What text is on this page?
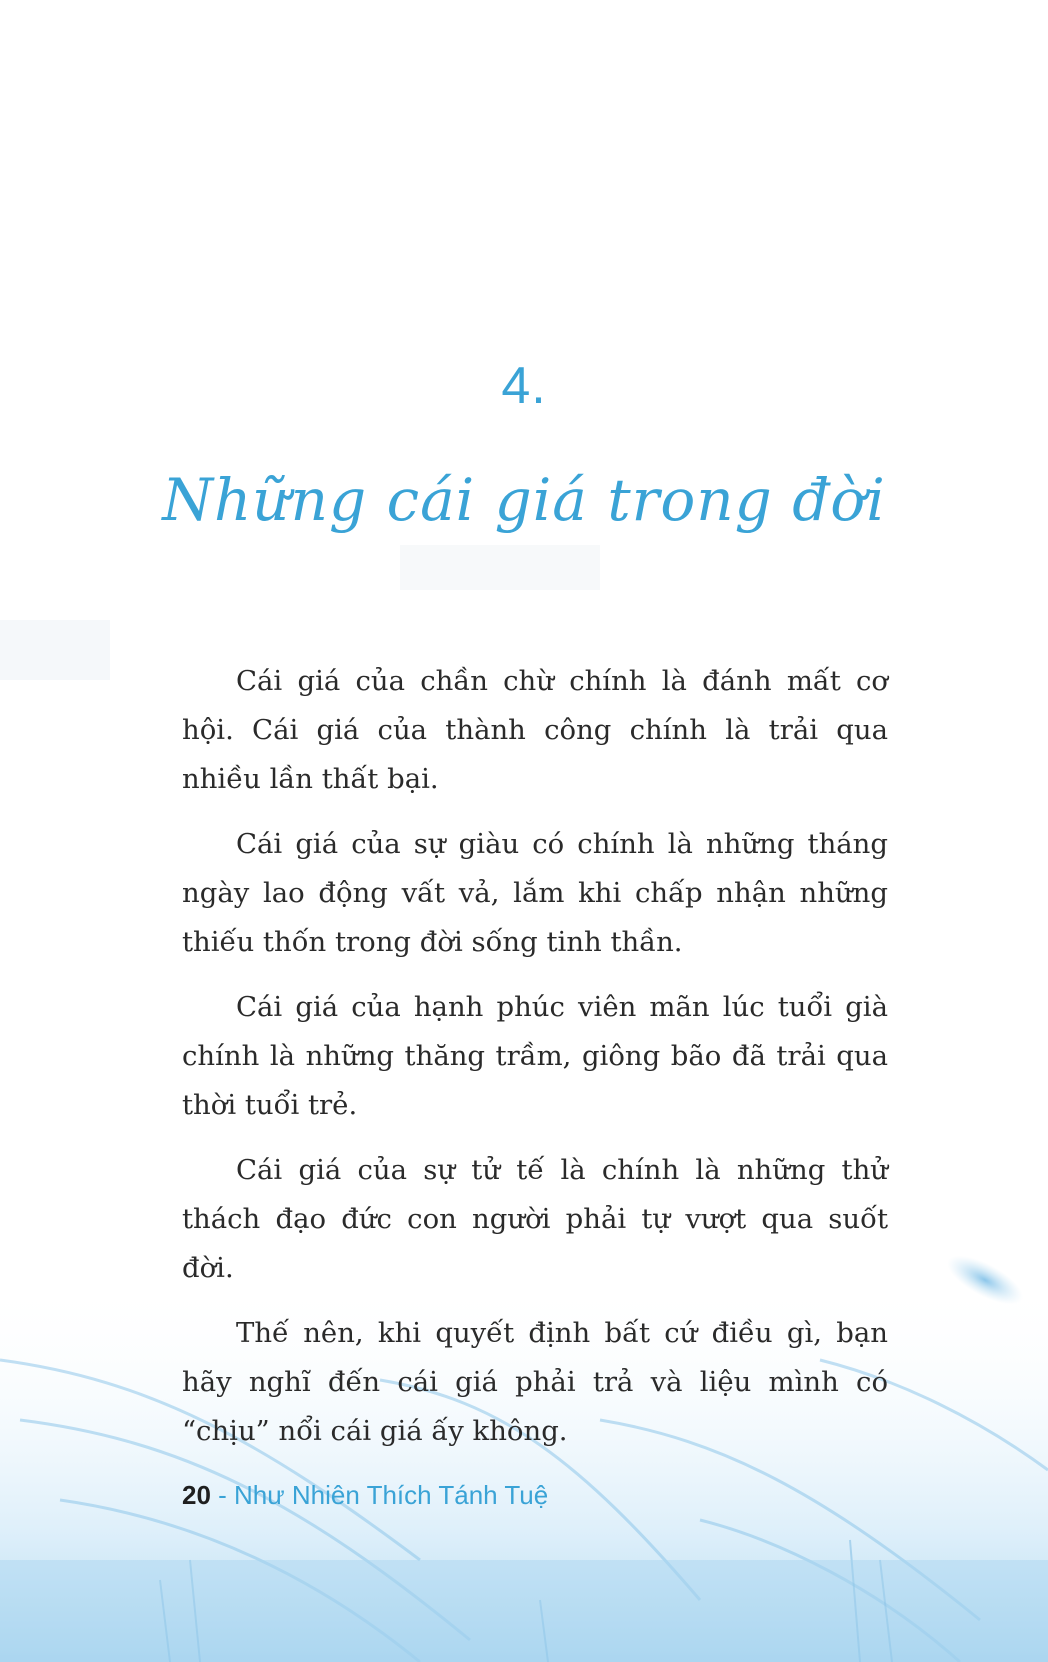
4.
Những cái giá trong đời

Cái giá của chần chừ chính là đánh mất cơ hội. Cái giá của thành công chính là trải qua nhiều lần thất bại.

Cái giá của sự giàu có chính là những tháng ngày lao động vất vả, lắm khi chấp nhận những thiếu thốn trong đời sống tinh thần.

Cái giá của hạnh phúc viên mãn lúc tuổi già chính là những thăng trầm, giông bão đã trải qua thời tuổi trẻ.

Cái giá của sự tử tế là chính là những thử thách đạo đức con người phải tự vượt qua suốt đời.

Thế nên, khi quyết định bất cứ điều gì, bạn hãy nghĩ đến cái giá phải trả và liệu mình có “chịu” nổi cái giá ấy không.

20 - Như Nhiên Thích Tánh Tuệ
